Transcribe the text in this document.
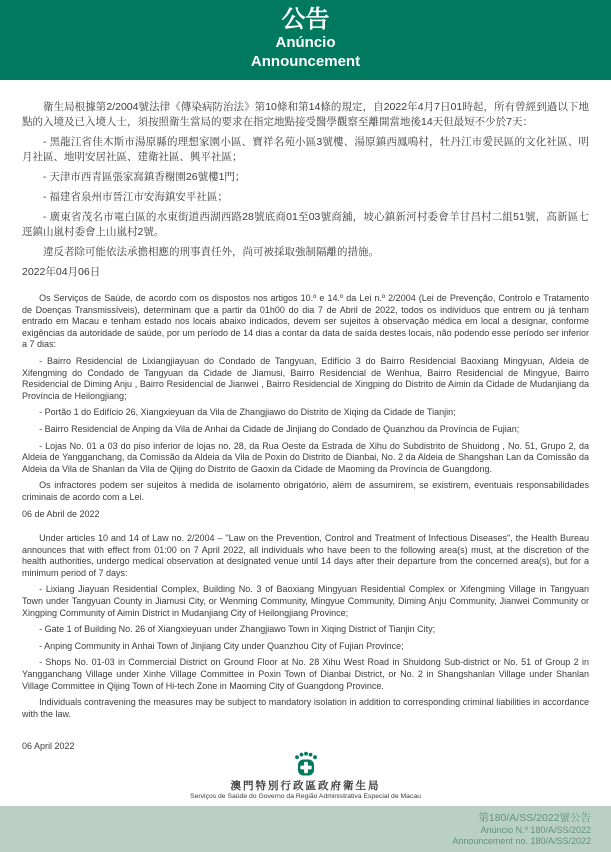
公告
Anúncio
Announcement

衛生局根據第2/2004號法律《傳染病防治法》第10條和第14條的規定，自2022年4月7日01時起，所有曾經到過以下地點的入境及已入境人士，須按照衛生當局的要求在指定地點接受醫學觀察至離開當地後14天但最短不少於7天：

- 黑龍江省佳木斯市湯原縣的理想家園小區、寶祥名苑小區3號樓、湯原鎮西鳳鳴村，牡丹江市愛民區的文化社區、明月社區、地明安居社區、建衛社區、興平社區；

- 天津市西青區張家窩鎮香榭園26號樓1門；

- 福建省泉州市晉江市安海鎮安平社區；

- 廣東省茂名市電白區的水東街道西湖西路28號底商01至03號商舖，坡心鎮新河村委會羊甘昌村二組51號，高新區七逕鎮山嵐村委會上山嵐村2號。

違反者除可能依法承擔相應的刑事責任外，尚可被採取強制隔離的措施。

2022年04月06日

Os Serviços de Saúde, de acordo com os dispostos nos artigos 10.º e 14.º da Lei n.º 2/2004 (Lei de Prevenção, Controlo e Tratamento de Doenças Transmissíveis), determinam que a partir da 01h00 do dia 7 de Abril de 2022, todos os indivíduos que entrem ou já tenham entrado em Macau e tenham estado nos locais abaixo indicados, devem ser sujeitos à observação médica em local a designar, conforme exigências da autoridade de saúde, por um período de 14 dias a contar da data de saída destes locais, não podendo esse período ser inferior a 7 dias:

- Bairro Residencial de Lixiangjiayuan do Condado de Tangyuan, Edifício 3 do Bairro Residencial Baoxiang Mingyuan, Aldeia de Xifengming do Condado de Tangyuan da Cidade de Jiamusi, Bairro Residencial de Wenhua, Bairro Residencial de Mingyue, Bairro Residencial de Diming Anju , Bairro Residencial de Jianwei , Bairro Residencial de Xingping do Distrito de Aimin da Cidade de Mudanjiang da Província de Heilongjiang;

- Portão 1 do Edifício 26, Xiangxieyuan da Vila de Zhangjiawo do Distrito de Xiqing da Cidade de Tianjin;

- Bairro Residencial de Anping da Vila de Anhai da Cidade de Jinjiang do Condado de Quanzhou da Província de Fujian;

- Lojas No. 01 a 03 do piso inferior de lojas no. 28, da Rua Oeste da Estrada de Xihu do Subdistrito de Shuidong , No. 51, Grupo 2, da Aldeia de Yangganchang, da Comissão da Aldeia da Vila de Poxin do Distrito de Dianbai, No. 2 da Aldeia de Shangshan Lan da Comissão da Aldeia da Vila de Shanlan da Vila de Qijing do Distrito de Gaoxin da Cidade de Maoming da Província de Guangdong.

Os infractores podem ser sujeitos à medida de isolamento obrigatório, além de assumirem, se existirem, eventuais responsabilidades criminais de acordo com a Lei.

06 de Abril de 2022

Under articles 10 and 14 of Law no. 2/2004 – "Law on the Prevention, Control and Treatment of Infectious Diseases", the Health Bureau announces that with effect from 01:00 on 7 April 2022, all individuals who have been to the following area(s) must, at the discretion of the health authorities, undergo medical observation at designated venue until 14 days after their departure from the concerned area(s), but for a minimum period of 7 days:

- Lixiang Jiayuan Residential Complex, Building No. 3 of Baoxiang Mingyuan Residential Complex or Xifengming Village in Tangyuan Town under Tangyuan County in Jiamusi City, or Wenming Community, Mingyue Community, Diming Anju Community, Jianwei Community or Xingping Community of Aimin District in Mudanjiang City of Heilongjiang Province;

- Gate 1 of Building No. 26 of Xiangxieyuan under Zhangjiawo Town in Xiqing District of Tianjin City;

- Anping Community in Anhai Town of Jinjiang City under Quanzhou City of Fujian Province;

- Shops No. 01-03 in Commercial District on Ground Floor at No. 28 Xihu West Road in Shuidong Sub-district or No. 51 of Group 2 in Yangganchang Village under Xinhe Village Committee in Poxin Town of Dianbai District, or No. 2 in Shangshanlan Village under Shanlan Village Committee in Qijing Town of Hi-tech Zone in Maoming City of Guangdong Province.

Individuals contravening the measures may be subject to mandatory isolation in addition to corresponding criminal liabilities in accordance with the law.

06 April 2022

澳門特別行政區政府衛生局
Serviços de Saúde do Governo da Região Administrativa Especial de Macau
第180/A/SS/2022號公告
Anúncio N.º 180/A/SS/2022
Announcement no. 180/A/SS/2022
